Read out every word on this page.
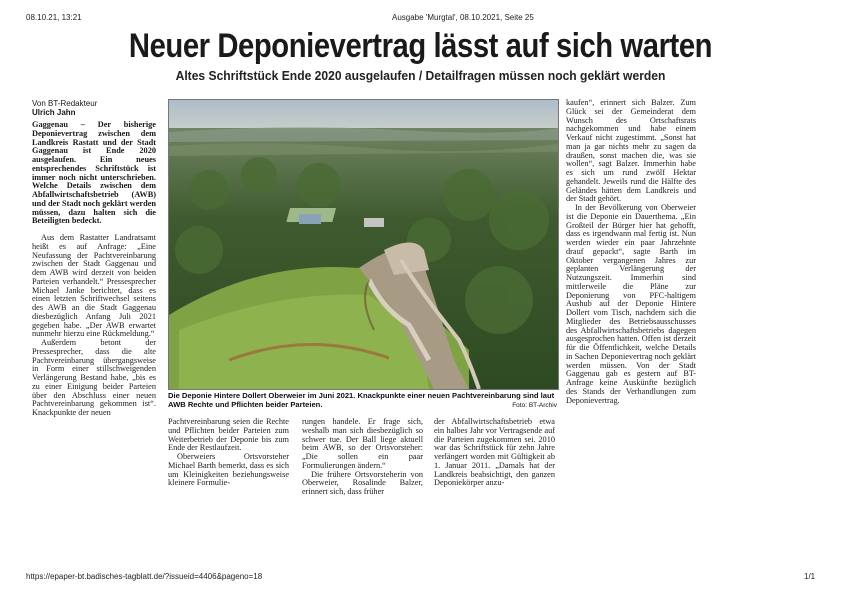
08.10.21, 13:21	Ausgabe 'Murgtal', 08.10.2021, Seite 25
Neuer Deponievertrag lässt auf sich warten
Altes Schriftstück Ende 2020 ausgelaufen / Detailfragen müssen noch geklärt werden
Von BT-Redakteur
Ulrich Jahn

Gaggenau – Der bisherige Deponievertrag zwischen dem Landkreis Rastatt und der Stadt Gaggenau ist Ende 2020 ausgelaufen. Ein neues entsprechendes Schriftstück ist immer noch nicht unterschrieben. Welche Details zwischen dem Abfallwirtschaftsbetrieb (AWB) und der Stadt noch geklärt werden müssen, dazu halten sich die Beteiligten bedeckt.

Aus dem Rastatter Landratsamt heißt es auf Anfrage: „Eine Neufassung der Pachtvereinbarung zwischen der Stadt Gaggenau und dem AWB wird derzeit von beiden Parteien verhandelt.“ Pressesprecher Michael Janke berichtet, dass es einen letzten Schriftwechsel seitens des AWB an die Stadt Gaggenau diesbezüglich Anfang Juli 2021 gegeben habe. „Der AWB erwartet nunmehr hierzu eine Rückmeldung.“

Außerdem betont der Pressesprecher, dass die alte Pachtvereinbarung übergangsweise in Form einer stillschweigenden Verlängerung Bestand habe, „bis es zu einer Einigung beider Parteien über den Abschluss einer neuen Pachtvereinbarung gekommen ist“. Knackpunkte der neuen

Die Deponie Hintere Dollert Oberweier im Juni 2021. Knackpunkte einer neuen Pachtvereinbarung sind laut AWB Rechte und Pflichten beider Parteien.	Foto: BT-Archiv

Pachtvereinbarung seien die Rechte und Pflichten beider Parteien zum Weiterbetrieb der Deponie bis zum Ende der Restlaufzeit.

Oberweiers Ortsvorsteher Michael Barth bemerkt, dass es sich um Kleinigkeiten beziehungsweise kleinere Formulie-

rungen handele. Er frage sich, weshalb man sich diesbezüglich so schwer tue. Der Ball liege aktuell beim AWB, so der Ortsvorsteher: „Die sollen ein paar Formulierungen ändern.“

Die frühere Ortsvorsteherin von Oberweier, Rosalinde Balzer, erinnert sich, dass früher

der Abfallwirtschaftsbetrieb etwa ein halbes Jahr vor Vertragsende auf die Parteien zugekommen sei. 2010 war das Schriftstück für zehn Jahre verlängert worden mit Gültigkeit ab 1. Januar 2011. „Damals hat der Landkreis beabsichtigt, den ganzen Deponiekörper anzu-

kaufen“, erinnert sich Balzer. Zum Glück sei der Gemeinderat dem Wunsch des Ortschaftsrats nachgekommen und habe einem Verkauf nicht zugestimmt. „Sonst hat man ja gar nichts mehr zu sagen da draußen, sonst machen die, was sie wollen“, sagt Balzer. Immerhin habe es sich um rund zwölf Hektar gehandelt. Jeweils rund die Hälfte des Geländes hätten dem Landkreis und der Stadt gehört.

In der Bevölkerung von Oberweier ist die Deponie ein Dauerthema. „Ein Großteil der Bürger hier hat gehofft, dass es irgendwann mal fertig ist. Nun werden wieder ein paar Jahrzehnte drauf gepackt“, sagte Barth im Oktober vergangenen Jahres zur geplanten Verlängerung der Nutzungszeit. Immerhin sind mittlerweile die Pläne zur Deponierung von PFC-haltigem Aushub auf der Deponie Hintere Dollert vom Tisch, nachdem sich die Mitglieder des Betriebsausschusses des Abfallwirtschaftsbetriebs dagegen ausgesprochen hatten. Offen ist derzeit für die Öffentlichkeit, welche Details in Sachen Deponievertrag noch geklärt werden müssen. Von der Stadt Gaggenau gab es gestern auf BT-Anfrage keine Auskünfte bezüglich des Stands der Verhandlungen zum Deponievertrag.

https://epaper-bt.badisches-tagblatt.de/?issueid=4406&pageno=18	1/1
